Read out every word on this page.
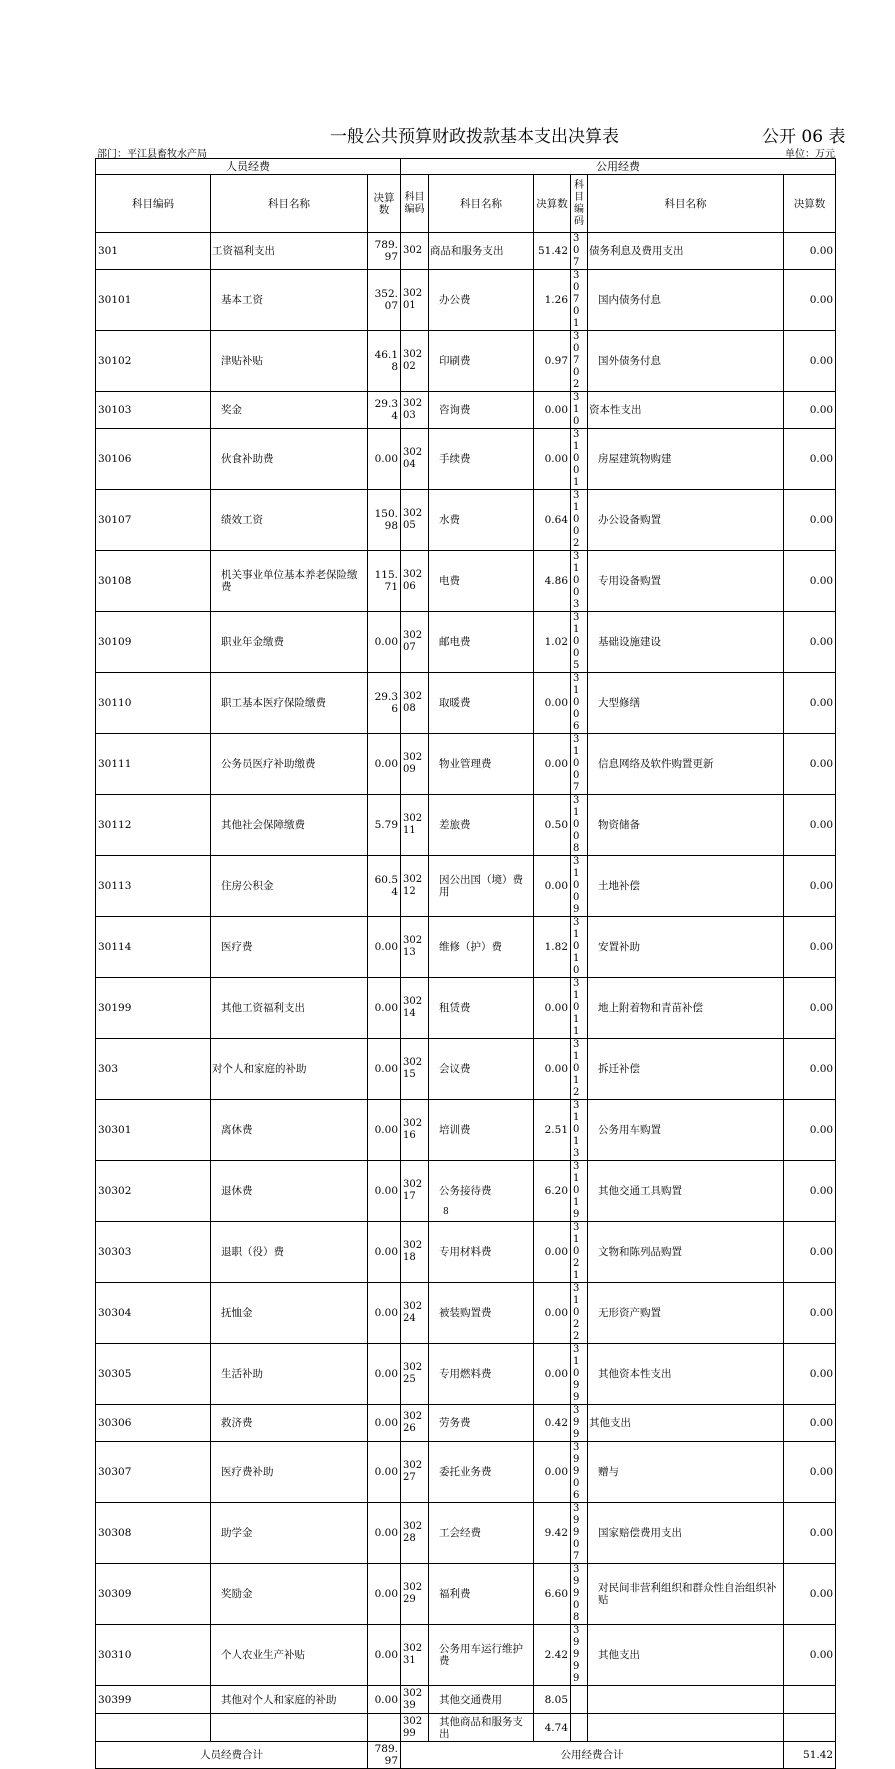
一般公共预算财政拨款基本支出决算表	公开 06 表
部门：平江县畜牧水产局	单位：万元
人员经费			公用经费					
科目编码	科目名称	决算数	科目编码	科目名称	决算数	科目编码	科目名称	决算数
301	工资福利支出	789.97	302	商品和服务支出	51.42	307	债务利息及费用支出	0.00
30101	基本工资	352.07	30201	办公费	1.26	30701	国内债务付息	0.00
30102	津贴补贴	46.18	30202	印刷费	0.97	30702	国外债务付息	0.00
30103	奖金	29.34	30203	咨询费	0.00	310	资本性支出	0.00
30106	伙食补助费	0.00	30204	手续费	0.00	31001	房屋建筑物购建	0.00
30107	绩效工资	150.98	30205	水费	0.64	31002	办公设备购置	0.00
30108	机关事业单位基本养老保险缴费	115.71	30206	电费	4.86	31003	专用设备购置	0.00
30109	职业年金缴费	0.00	30207	邮电费	1.02	31005	基础设施建设	0.00
30110	职工基本医疗保险缴费	29.36	30208	取暖费	0.00	31006	大型修缮	0.00
30111	公务员医疗补助缴费	0.00	30209	物业管理费	0.00	31007	信息网络及软件购置更新	0.00
30112	其他社会保障缴费	5.79	30211	差旅费	0.50	31008	物资储备	0.00
30113	住房公积金	60.54	30212	因公出国（境）费用	0.00	31009	土地补偿	0.00
30114	医疗费	0.00	30213	维修（护）费	1.82	31010	安置补助	0.00
30199	其他工资福利支出	0.00	30214	租赁费	0.00	31011	地上附着物和青苗补偿	0.00
303	对个人和家庭的补助	0.00	30215	会议费	0.00	31012	拆迁补偿	0.00
30301	离休费	0.00	30216	培训费	2.51	31013	公务用车购置	0.00
30302	退休费	0.00	30217	公务接待费	6.20	31019	其他交通工具购置	0.00
30303	退职（役）费	0.00	30218	专用材料费	0.00	31021	文物和陈列品购置	0.00
30304	抚恤金	0.00	30224	被装购置费	0.00	31022	无形资产购置	0.00
30305	生活补助	0.00	30225	专用燃料费	0.00	31099	其他资本性支出	0.00
30306	救济费	0.00	30226	劳务费	0.42	399	其他支出	0.00
30307	医疗费补助	0.00	30227	委托业务费	0.00	39906	赠与	0.00
30308	助学金	0.00	30228	工会经费	9.42	39907	国家赔偿费用支出	0.00
30309	奖励金	0.00	30229	福利费	6.60	39908	对民间非营利组织和群众性自治组织补贴	0.00
30310	个人农业生产补贴	0.00	30231	公务用车运行维护费	2.42	39999	其他支出	0.00
30399	其他对个人和家庭的补助	0.00	30239	其他交通费用	8.05			
			30299	其他商品和服务支出	4.74			
人员经费合计		789.97	公用经费合计					51.42
8
